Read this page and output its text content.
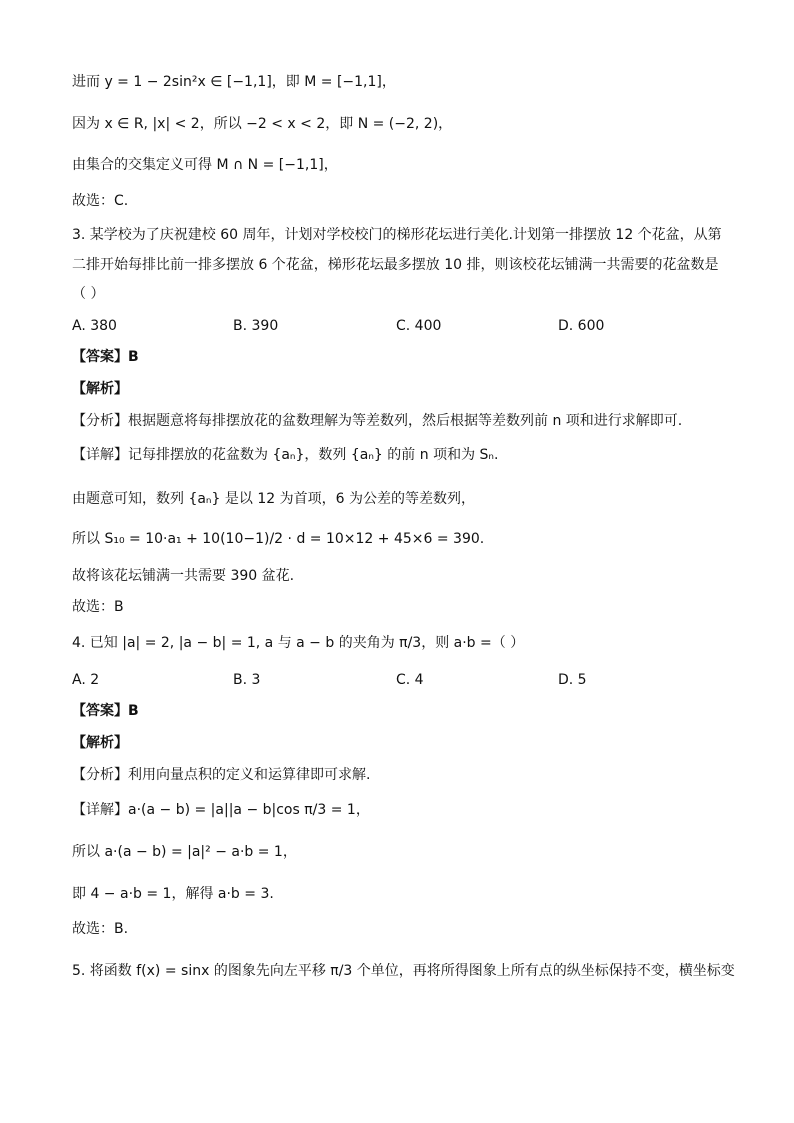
进而 y = 1 − 2sin²x ∈ [−1,1]，即 M = [−1,1]，
因为 x ∈ R, |x| < 2，所以 −2 < x < 2，即 N = (−2, 2)，
由集合的交集定义可得 M ∩ N = [−1,1]，
故选：C.
3. 某学校为了庆祝建校 60 周年，计划对学校校门的梯形花坛进行美化.计划第一排摆放 12 个花盆，从第
二排开始每排比前一排多摆放 6 个花盆，梯形花坛最多摆放 10 排，则该校花坛铺满一共需要的花盆数是
（ ）
A. 380	B. 390	C. 400	D. 600
【答案】B
【解析】
【分析】根据题意将每排摆放花的盆数理解为等差数列，然后根据等差数列前 n 项和进行求解即可.
【详解】记每排摆放的花盆数为 {aₙ}，数列 {aₙ} 的前 n 项和为 Sₙ.
由题意可知，数列 {aₙ} 是以 12 为首项，6 为公差的等差数列，
所以 S₁₀ = 10·a₁ + 10(10−1)/2 · d = 10×12 + 45×6 = 390.
故将该花坛铺满一共需要 390 盆花.
故选：B
4. 已知 |a| = 2, |a − b| = 1, a 与 a − b 的夹角为 π/3，则 a·b =（ ）
A. 2	B. 3	C. 4	D. 5
【答案】B
【解析】
【分析】利用向量点积的定义和运算律即可求解.
【详解】a·(a − b) = |a||a − b|cos π/3 = 1，
所以 a·(a − b) = |a|² − a·b = 1，
即 4 − a·b = 1，解得 a·b = 3.
故选：B.
5. 将函数 f(x) = sinx 的图象先向左平移 π/3 个单位，再将所得图象上所有点的纵坐标保持不变，横坐标变
